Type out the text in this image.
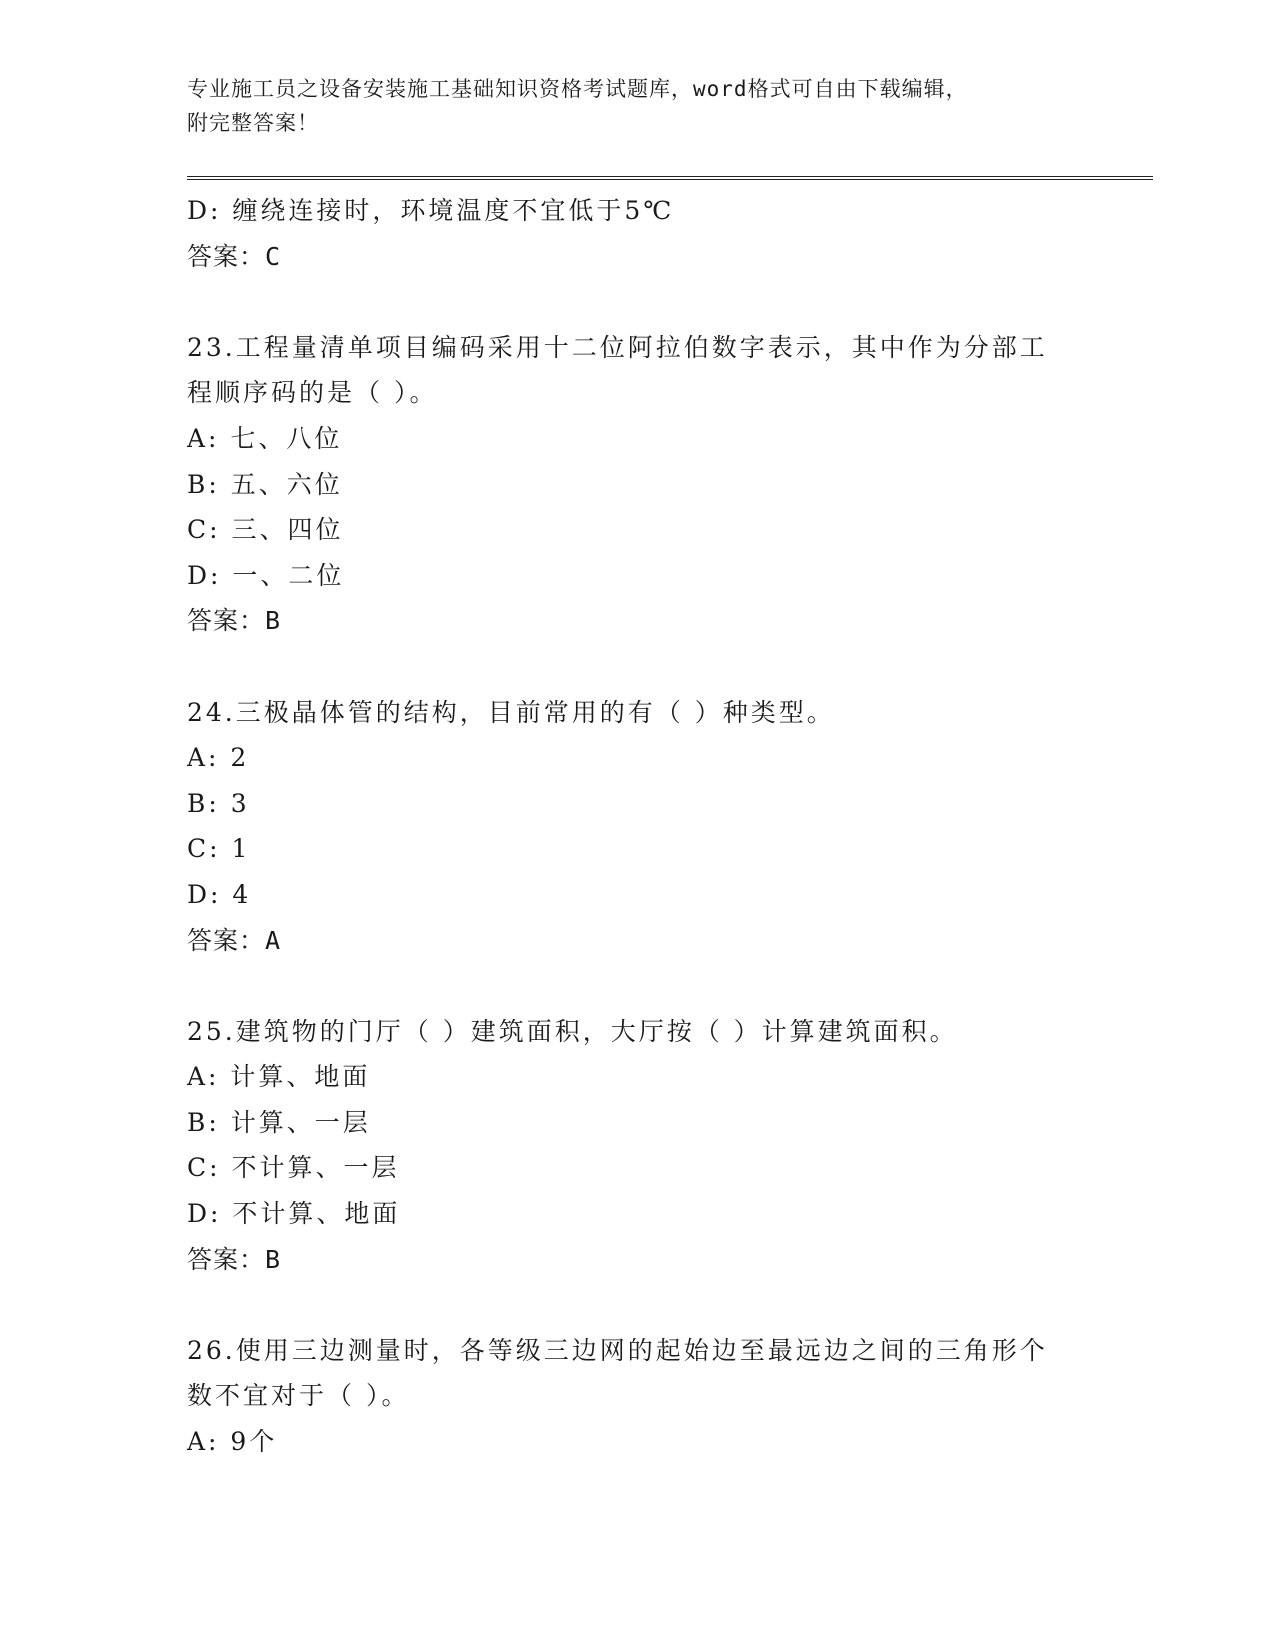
专业施工员之设备安装施工基础知识资格考试题库，word格式可自由下载编辑，
附完整答案！
D: 缠绕连接时，环境温度不宜低于5℃
答案：C
23.工程量清单项目编码采用十二位阿拉伯数字表示，其中作为分部工
程顺序码的是（ ）。
A: 七、八位
B: 五、六位
C: 三、四位
D: 一、二位
答案：B
24.三极晶体管的结构，目前常用的有（ ）种类型。
A: 2
B: 3
C: 1
D: 4
答案：A
25.建筑物的门厅（ ）建筑面积，大厅按（ ）计算建筑面积。
A: 计算、地面
B: 计算、一层
C: 不计算、一层
D: 不计算、地面
答案：B
26.使用三边测量时，各等级三边网的起始边至最远边之间的三角形个
数不宜对于（ ）。
A: 9个
